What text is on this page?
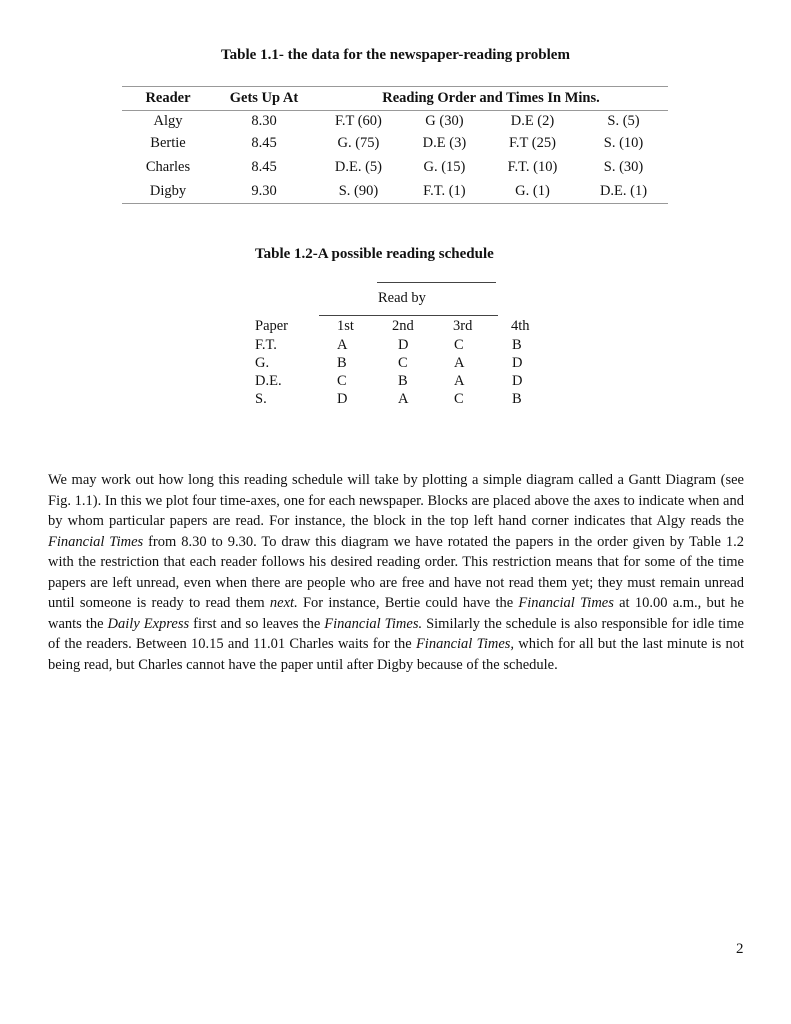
Table 1.1- the data for the newspaper-reading problem
Reader	Gets Up At	Reading Order and Times In Mins.			
Algy	8.30	F.T (60)	G (30)	D.E (2)	S. (5)
Bertie	8.45	G. (75)	D.E (3)	F.T (25)	S. (10)
Charles	8.45	D.E. (5)	G. (15)	F.T. (10)	S. (30)
Digby	9.30	S. (90)	F.T. (1)	G. (1)	D.E. (1)
Table 1.2-A possible reading schedule
Read by
Paper	1st	2nd	3rd	4th
F.T.	A	D	C	B
G.	B	C	A	D
D.E.	C	B	A	D
S.	D	A	C	B

We may work out how long this reading schedule will take by plotting a simple diagram called a Gantt Diagram (see Fig. 1.1). In this we plot four time-axes, one for each newspaper. Blocks are placed above the axes to indicate when and by whom particular papers are read. For instance, the block in the top left hand corner indicates that Algy reads the Financial Times from 8.30 to 9.30. To draw this diagram we have rotated the papers in the order given by Table 1.2 with the restriction that each reader follows his desired reading order. This restriction means that for some of the time papers are left unread, even when there are people who are free and have not read them yet; they must remain unread until someone is ready to read them next. For instance, Bertie could have the Financial Times at 10.00 a.m., but he wants the Daily Express first and so leaves the Financial Times. Similarly the schedule is also responsible for idle time of the readers. Between 10.15 and 11.01 Charles waits for the Financial Times, which for all but the last minute is not being read, but Charles cannot have the paper until after Digby because of the schedule.

2
